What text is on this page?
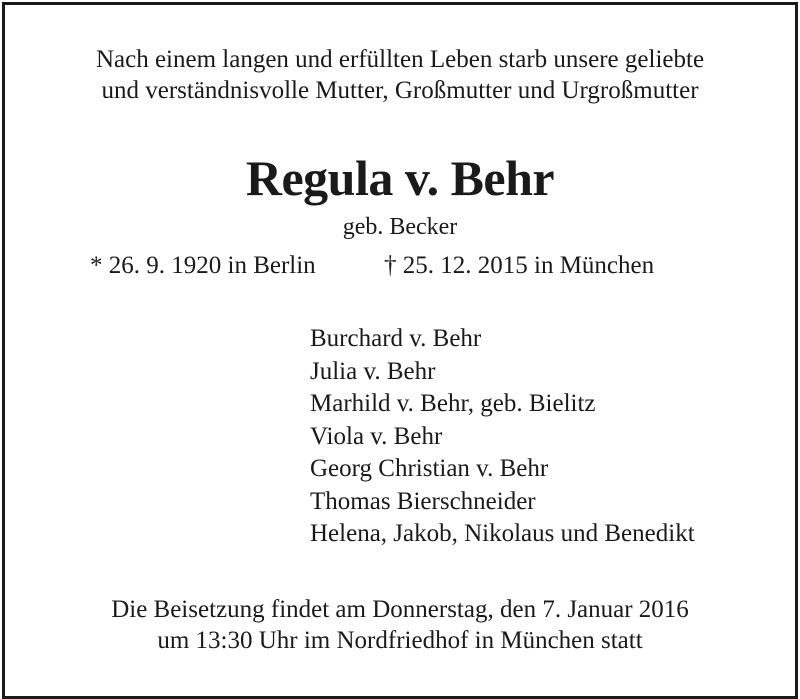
Nach einem langen und erfüllten Leben starb unsere geliebte
und verständnisvolle Mutter, Großmutter und Urgroßmutter
Regula v. Behr
geb. Becker
* 26. 9. 1920 in Berlin	† 25. 12. 2015 in München
Burchard v. Behr
Julia v. Behr
Marhild v. Behr, geb. Bielitz
Viola v. Behr
Georg Christian v. Behr
Thomas Bierschneider
Helena, Jakob, Nikolaus und Benedikt
Die Beisetzung findet am Donnerstag, den 7. Januar 2016
um 13:30 Uhr im Nordfriedhof in München statt
